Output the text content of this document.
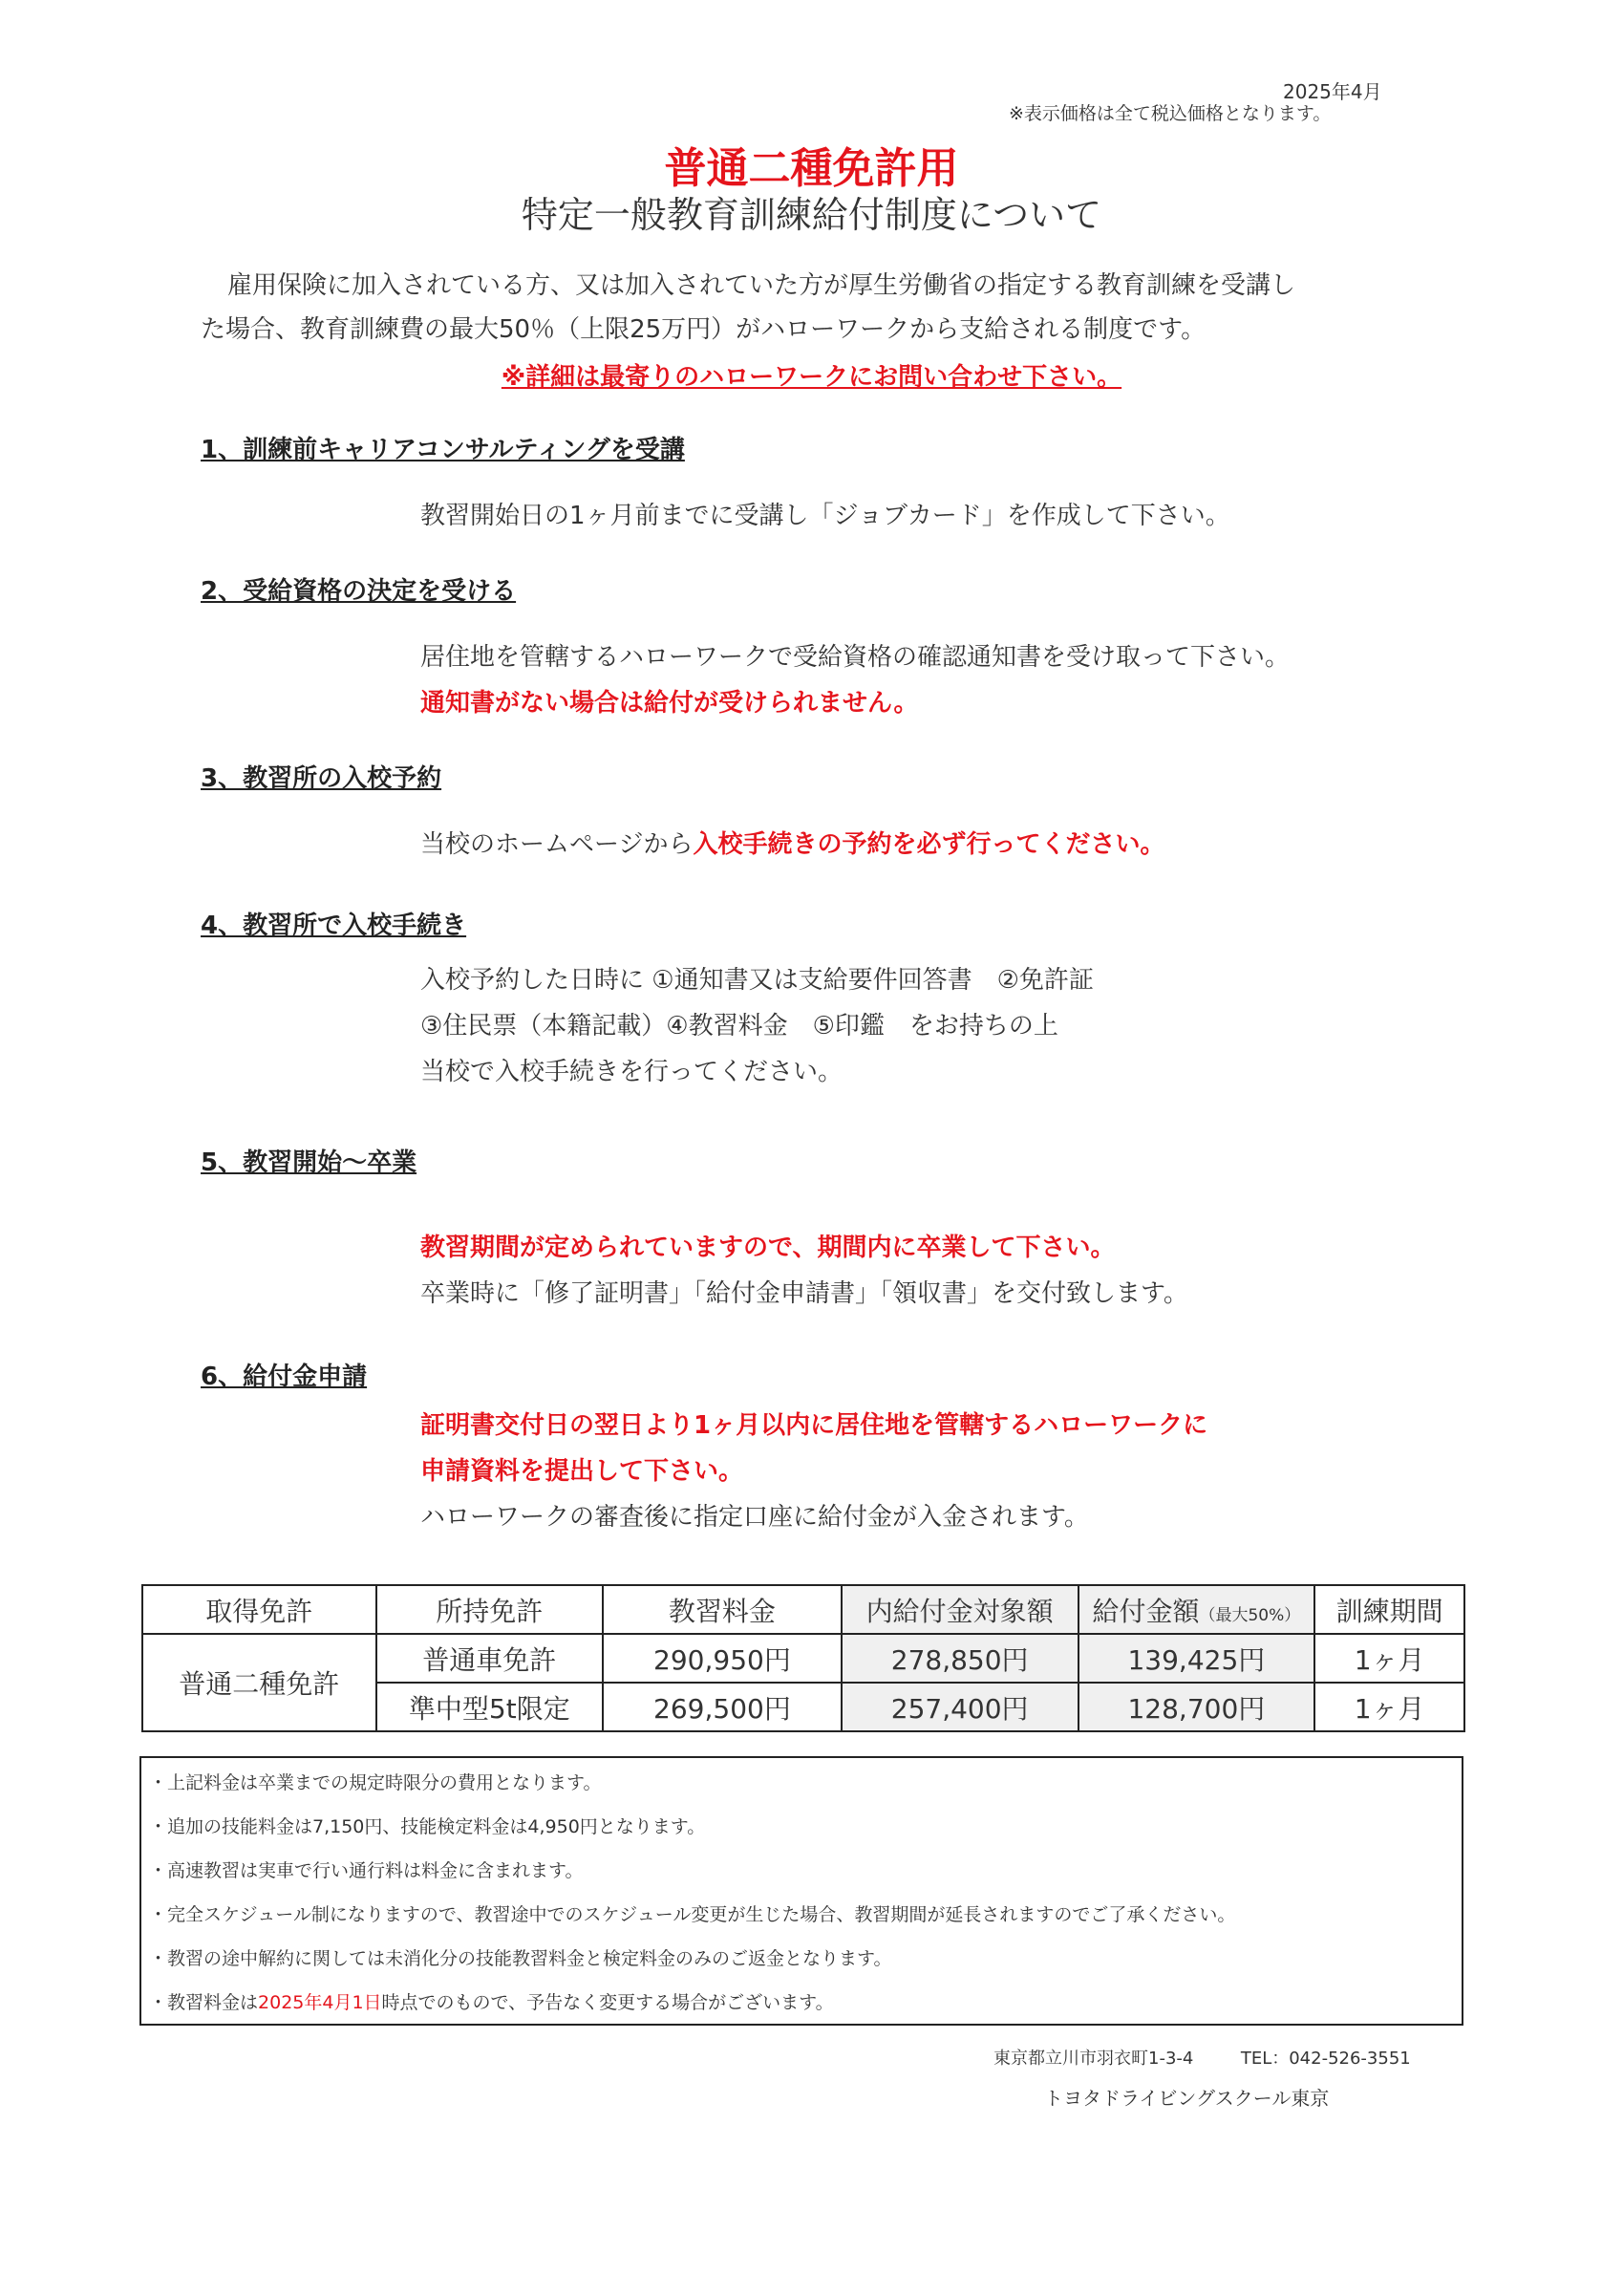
2025年4月
※表示価格は全て税込価格となります。
普通二種免許用
特定一般教育訓練給付制度について
雇用保険に加入されている方、又は加入されていた方が厚生労働省の指定する教育訓練を受講し
た場合、教育訓練費の最大50％（上限25万円）がハローワークから支給される制度です。
※詳細は最寄りのハローワークにお問い合わせ下さい。
1、訓練前キャリアコンサルティングを受講
教習開始日の1ヶ月前までに受講し「ジョブカード」を作成して下さい。
2、受給資格の決定を受ける
居住地を管轄するハローワークで受給資格の確認通知書を受け取って下さい。
通知書がない場合は給付が受けられません。
3、教習所の入校予約
当校のホームページから入校手続きの予約を必ず行ってください。
4、教習所で入校手続き
入校予約した日時に ①通知書又は支給要件回答書　②免許証
③住民票（本籍記載）④教習料金　⑤印鑑　をお持ちの上
当校で入校手続きを行ってください。
5、教習開始～卒業
教習期間が定められていますので、期間内に卒業して下さい。
卒業時に「修了証明書」「給付金申請書」「領収書」を交付致します。
6、給付金申請
証明書交付日の翌日より1ヶ月以内に居住地を管轄するハローワークに
申請資料を提出して下さい。
ハローワークの審査後に指定口座に給付金が入金されます。
取得免許	所持免許	教習料金	内給付金対象額	給付金額（最大50%）	訓練期間
普通二種免許	普通車免許	290,950円	278,850円	139,425円	1ヶ月
	準中型5t限定	269,500円	257,400円	128,700円	1ヶ月
・上記料金は卒業までの規定時限分の費用となります。
・追加の技能料金は7,150円、技能検定料金は4,950円となります。
・高速教習は実車で行い通行料は料金に含まれます。
・完全スケジュール制になりますので、教習途中でのスケジュール変更が生じた場合、教習期間が延長されますのでご了承ください。
・教習の途中解約に関しては未消化分の技能教習料金と検定料金のみのご返金となります。
・教習料金は2025年4月1日時点でのもので、予告なく変更する場合がございます。
東京都立川市羽衣町1-3-4	TEL：042-526-3551
トヨタドライビングスクール東京
